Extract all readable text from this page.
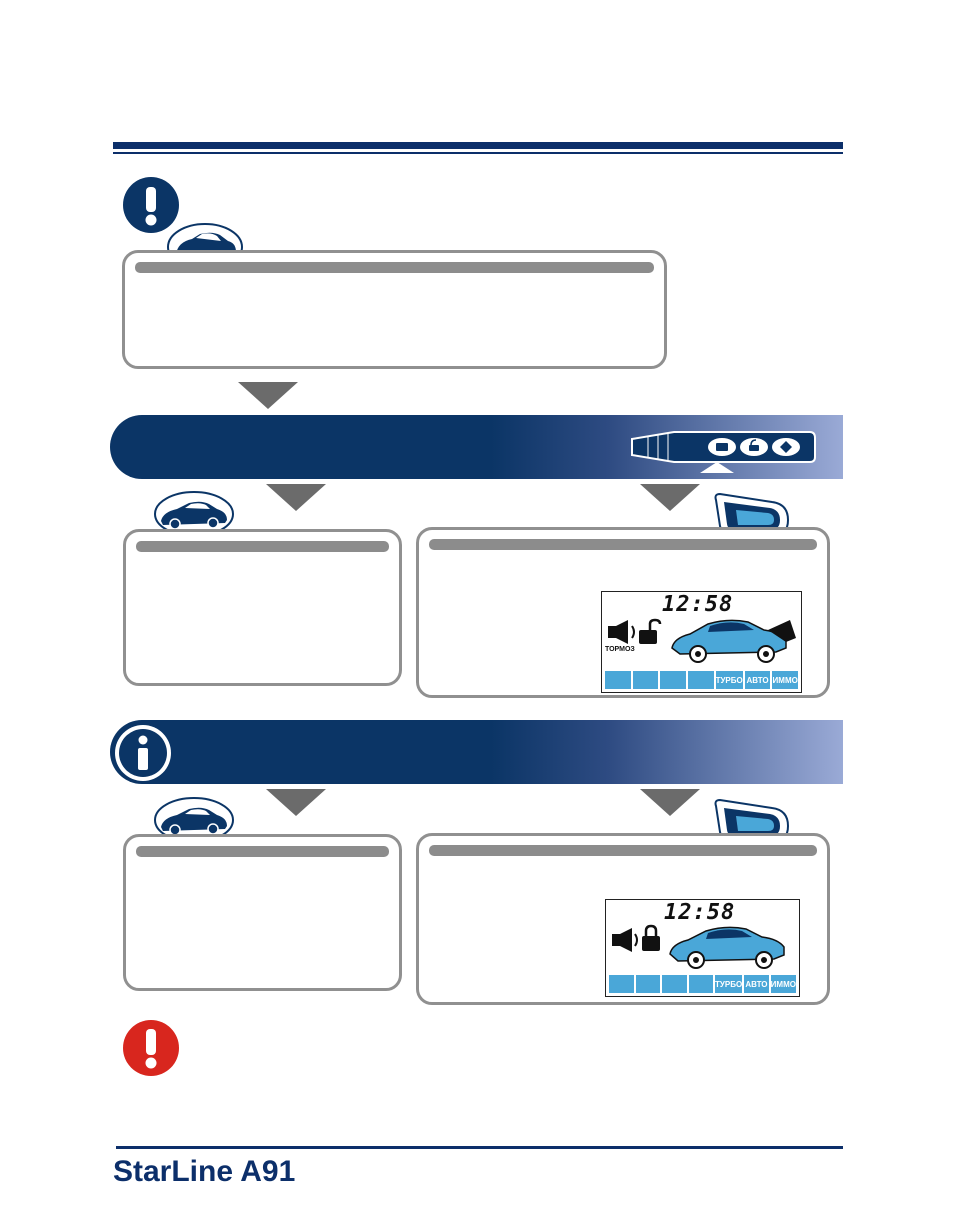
12:58
ТОРМОЗ
ТУРБО АВТО ИММО
12:58
ТУРБО АВТО ИММО
StarLine A91
